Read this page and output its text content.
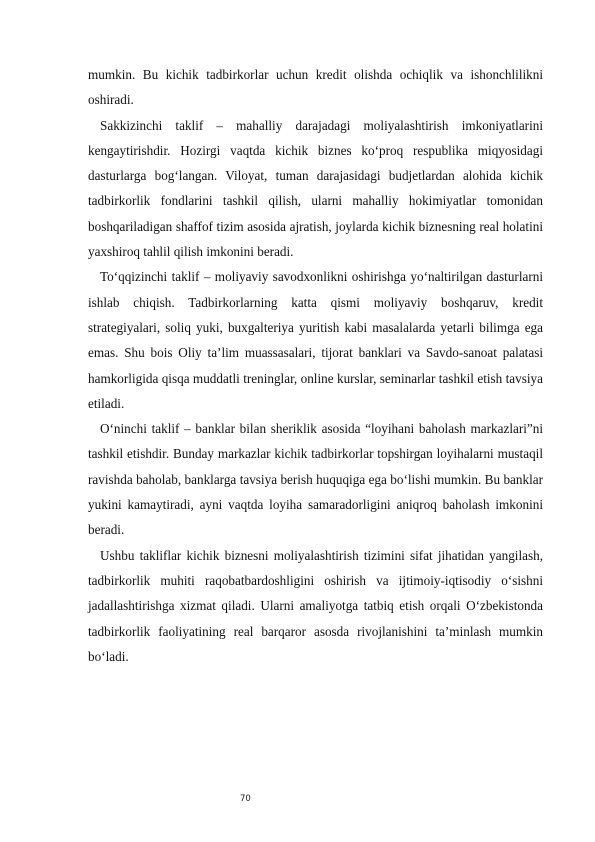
mumkin. Bu kichik tadbirkorlar uchun kredit olishda ochiqlik va ishonchlilikni oshiradi.

Sakkizinchi taklif – mahalliy darajadagi moliyalashtirish imkoniyatlarini kengaytirishdir. Hozirgi vaqtda kichik biznes koʻproq respublika miqyosidagi dasturlarga bogʻlangan. Viloyat, tuman darajasidagi budjetlardan alohida kichik tadbirkorlik fondlarini tashkil qilish, ularni mahalliy hokimiyatlar tomonidan boshqariladigan shaffof tizim asosida ajratish, joylarda kichik biznesning real holatini yaxshiroq tahlil qilish imkonini beradi.

Toʻqqizinchi taklif – moliyaviy savodxonlikni oshirishga yoʻnaltirilgan dasturlarni ishlab chiqish. Tadbirkorlarning katta qismi moliyaviy boshqaruv, kredit strategiyalari, soliq yuki, buxgalteriya yuritish kabi masalalarda yetarli bilimga ega emas. Shu bois Oliy taʼlim muassasalari, tijorat banklari va Savdo-sanoat palatasi hamkorligida qisqa muddatli treninglar, online kurslar, seminarlar tashkil etish tavsiya etiladi.

Oʻninchi taklif – banklar bilan sheriklik asosida “loyihani baholash markazlari”ni tashkil etishdir. Bunday markazlar kichik tadbirkorlar topshirgan loyihalarni mustaqil ravishda baholab, banklarga tavsiya berish huquqiga ega boʻlishi mumkin. Bu banklar yukini kamaytiradi, ayni vaqtda loyiha samaradorligini aniqroq baholash imkonini beradi.

Ushbu takliflar kichik biznesni moliyalashtirish tizimini sifat jihatidan yangilash, tadbirkorlik muhiti raqobatbardoshligini oshirish va ijtimoiy-iqtisodiy oʻsishni jadallashtirishga xizmat qiladi. Ularni amaliyotga tatbiq etish orqali Oʻzbekistonda tadbirkorlik faoliyatining real barqaror asosda rivojlanishini taʼminlash mumkin boʻladi.

70
